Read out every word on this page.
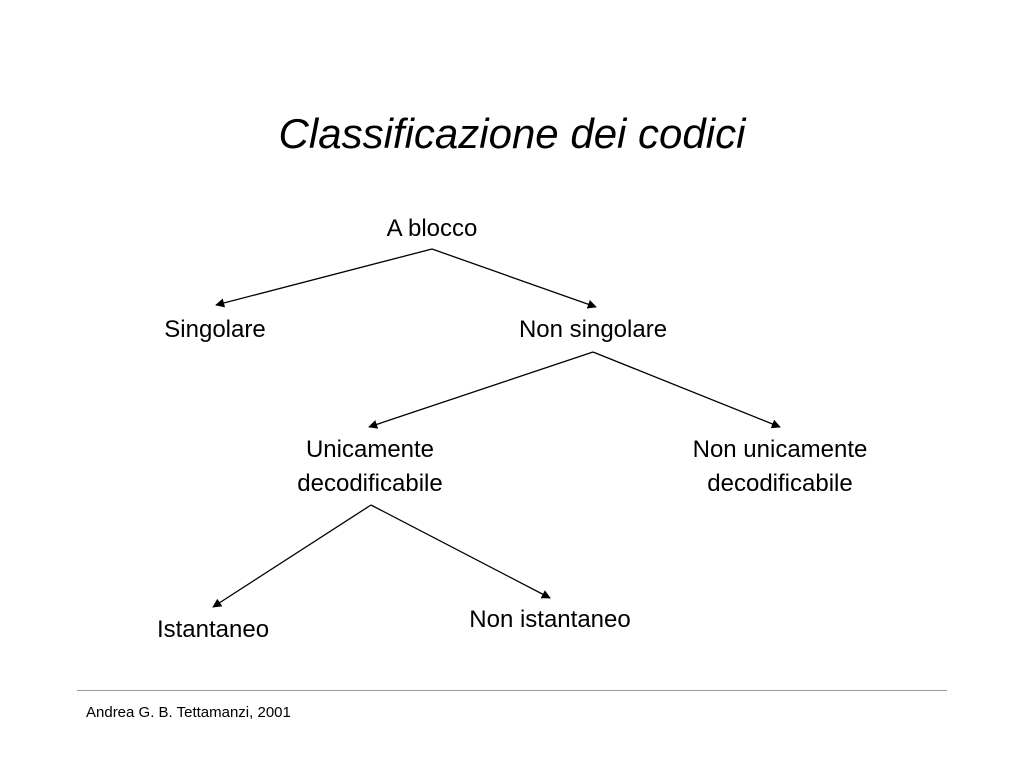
Classificazione dei codici
A blocco
Singolare	Non singolare
Unicamente
decodificabile
Non unicamente
decodificabile
Istantaneo	Non istantaneo
Andrea G. B. Tettamanzi, 2001
